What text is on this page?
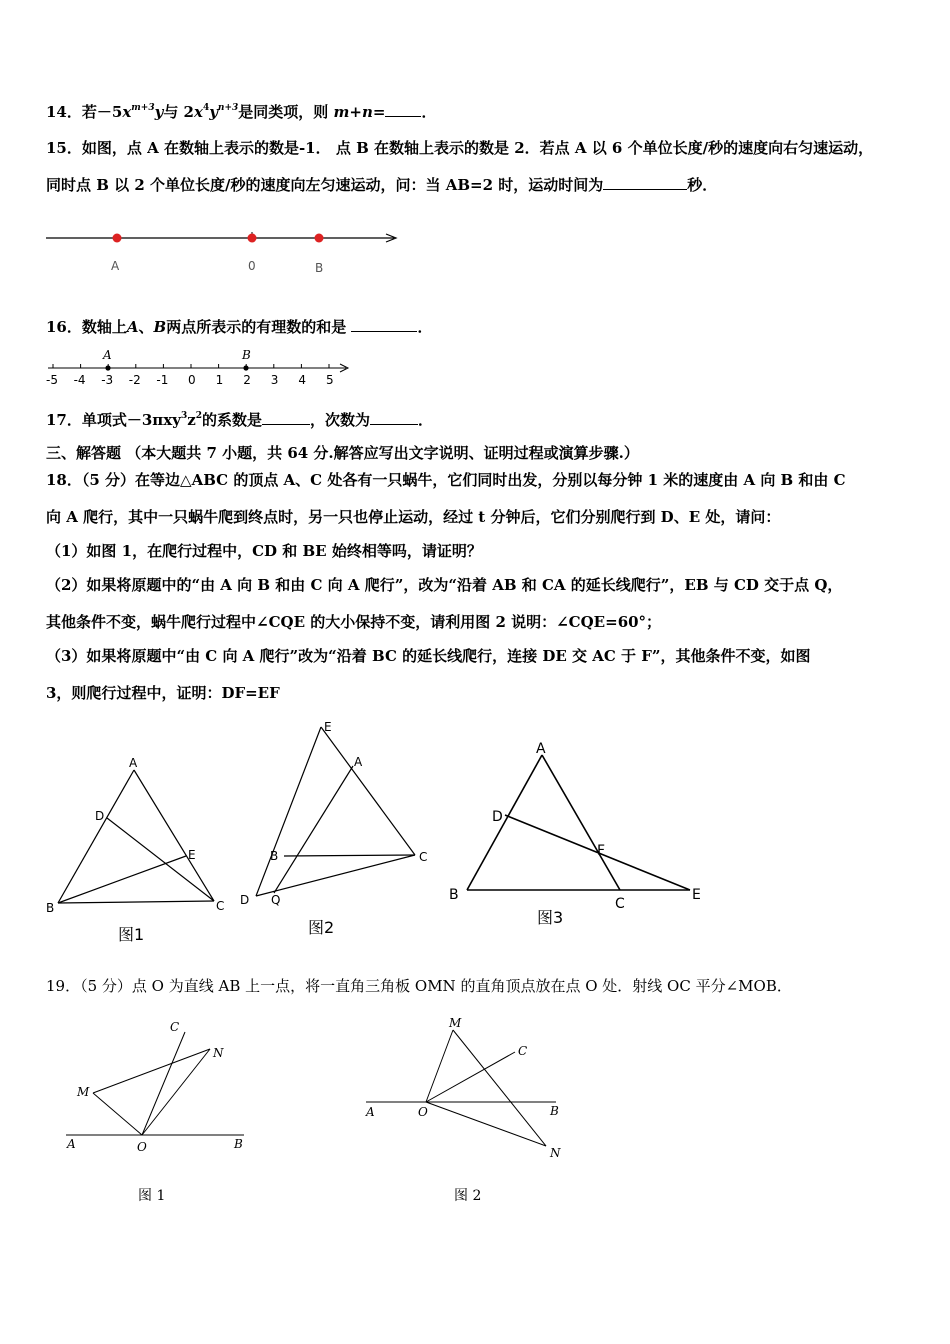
14．若$-5x^{m+3}y$与 $2x^4y^{n+3}$是同类项，则 m+n= ．
15．如图，点 A 在数轴上表示的数是-1． 点 B 在数轴上表示的数是 2．若点 A 以 6 个单位长度/秒的速度向右匀速运动，
同时点 B 以 2 个单位长度/秒的速度向左匀速运动，问：当 AB=2 时，运动时间为	秒．
A	0	B
-5 -4 -3 -2 -1 0 1 2 3 4 5
A	B
A
D
E
B	C
E
A
B	C
D Q
A
D
F
B
C
E
C
N
M
A	O	B
M
C
A	O	B
N
16．数轴上A、B两点所表示的有理数的和是	．
17．单项式$-3\pi xy^3z^2$的系数是	，次数为	．
三、解答题 （本大题共 7 小题，共 64 分.解答应写出文字说明、证明过程或演算步骤.）
18．（5 分）在等边△ABC 的顶点 A、C 处各有一只蜗牛，它们同时出发，分别以每分钟 1 米的速度由 A 向 B 和由 C
向 A 爬行，其中一只蜗牛爬到终点时，另一只也停止运动，经过 t 分钟后，它们分别爬行到 D、E 处，请问：
（1）如图 1，在爬行过程中，CD 和 BE 始终相等吗，请证明？
（2）如果将原题中的“由 A 向 B 和由 C 向 A 爬行”，改为“沿着 AB 和 CA 的延长线爬行”，EB 与 CD 交于点 Q，
其他条件不变，蜗牛爬行过程中∠CQE 的大小保持不变，请利用图 2 说明：∠CQE=60°；
（3）如果将原题中“由 C 向 A 爬行”改为“沿着 BC 的延长线爬行，连接 DE 交 AC 于 F”，其他条件不变，如图
3，则爬行过程中，证明：DF=EF
图1	图2
图3
19．（5 分）点 O 为直线 AB 上一点，将一直角三角板 OMN 的直角顶点放在点 O 处．射线 OC 平分∠MOB．
图 1	图 2
